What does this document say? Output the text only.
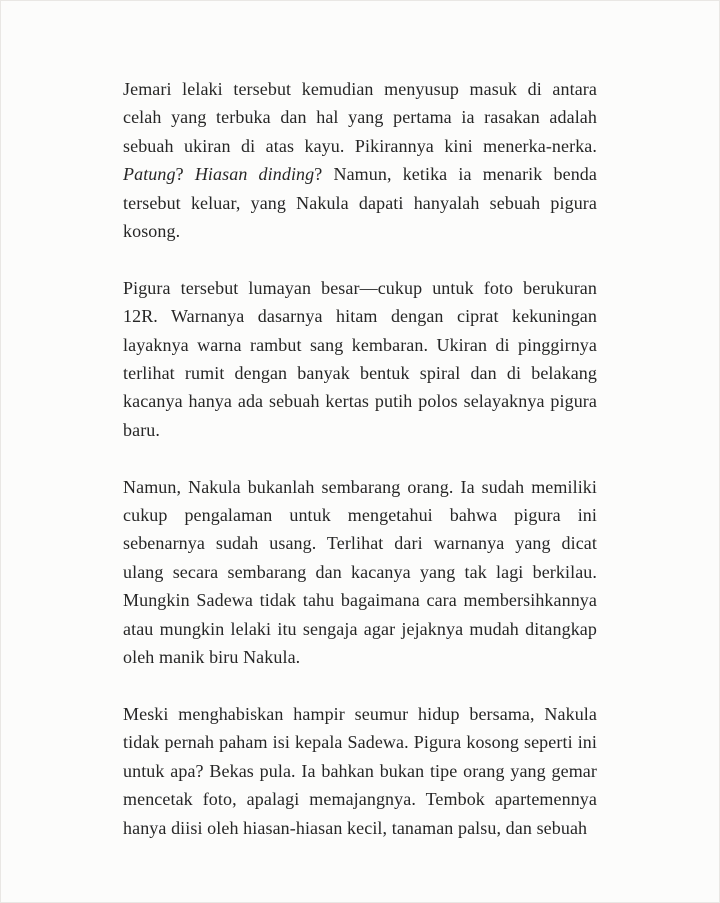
Jemari lelaki tersebut kemudian menyusup masuk di antara celah yang terbuka dan hal yang pertama ia rasakan adalah sebuah ukiran di atas kayu. Pikirannya kini menerka-nerka. Patung? Hiasan dinding? Namun, ketika ia menarik benda tersebut keluar, yang Nakula dapati hanyalah sebuah pigura kosong.

Pigura tersebut lumayan besar—cukup untuk foto berukuran 12R. Warnanya dasarnya hitam dengan ciprat kekuningan layaknya warna rambut sang kembaran. Ukiran di pinggirnya terlihat rumit dengan banyak bentuk spiral dan di belakang kacanya hanya ada sebuah kertas putih polos selayaknya pigura baru.

Namun, Nakula bukanlah sembarang orang. Ia sudah memiliki cukup pengalaman untuk mengetahui bahwa pigura ini sebenarnya sudah usang. Terlihat dari warnanya yang dicat ulang secara sembarang dan kacanya yang tak lagi berkilau. Mungkin Sadewa tidak tahu bagaimana cara membersihkannya atau mungkin lelaki itu sengaja agar jejaknya mudah ditangkap oleh manik biru Nakula.

Meski menghabiskan hampir seumur hidup bersama, Nakula tidak pernah paham isi kepala Sadewa. Pigura kosong seperti ini untuk apa? Bekas pula. Ia bahkan bukan tipe orang yang gemar mencetak foto, apalagi memajangnya. Tembok apartemennya hanya diisi oleh hiasan-hiasan kecil, tanaman palsu, dan sebuah
